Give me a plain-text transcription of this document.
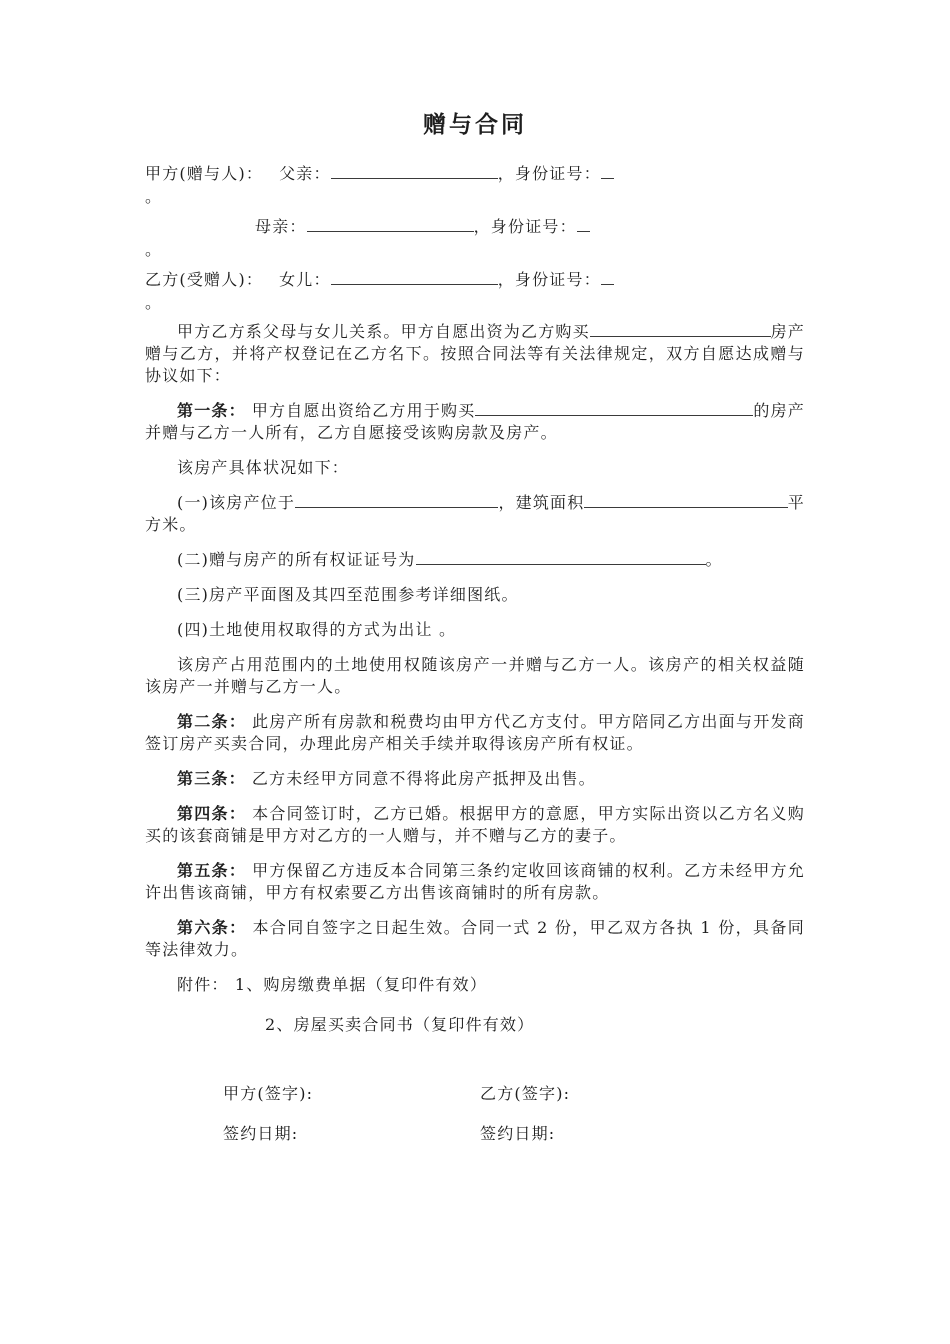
赠与合同
甲方(赠与人)： 父亲：	，身份证号：
。
母亲：	，身份证号：
。
乙方(受赠人)： 女儿：	，身份证号：
。
甲方乙方系父母与女儿关系。甲方自愿出资为乙方购买	房产
赠与乙方，并将产权登记在乙方名下。按照合同法等有关法律规定，双方自愿达成赠与协议如下：
第一条： 甲方自愿出资给乙方用于购买	的房产
并赠与乙方一人所有，乙方自愿接受该购房款及房产。
该房产具体状况如下：
(一)该房产位于	，建筑面积	平
方米。
(二)赠与房产的所有权证证号为	。
(三)房产平面图及其四至范围参考详细图纸。
(四)土地使用权取得的方式为出让 。
该房产占用范围内的土地使用权随该房产一并赠与乙方一人。该房产的相关权益随该房产一并赠与乙方一人。
第二条： 此房产所有房款和税费均由甲方代乙方支付。甲方陪同乙方出面与开发商签订房产买卖合同，办理此房产相关手续并取得该房产所有权证。
第三条： 乙方未经甲方同意不得将此房产抵押及出售。
第四条： 本合同签订时，乙方已婚。根据甲方的意愿，甲方实际出资以乙方名义购买的该套商铺是甲方对乙方的一人赠与，并不赠与乙方的妻子。
第五条： 甲方保留乙方违反本合同第三条约定收回该商铺的权利。乙方未经甲方允许出售该商铺，甲方有权索要乙方出售该商铺时的所有房款。
第六条： 本合同自签字之日起生效。合同一式 2 份，甲乙双方各执 1 份，具备同等法律效力。
附件： 1、购房缴费单据（复印件有效）
2、房屋买卖合同书（复印件有效）
甲方(签字):	乙方(签字):
签约日期:	签约日期:
